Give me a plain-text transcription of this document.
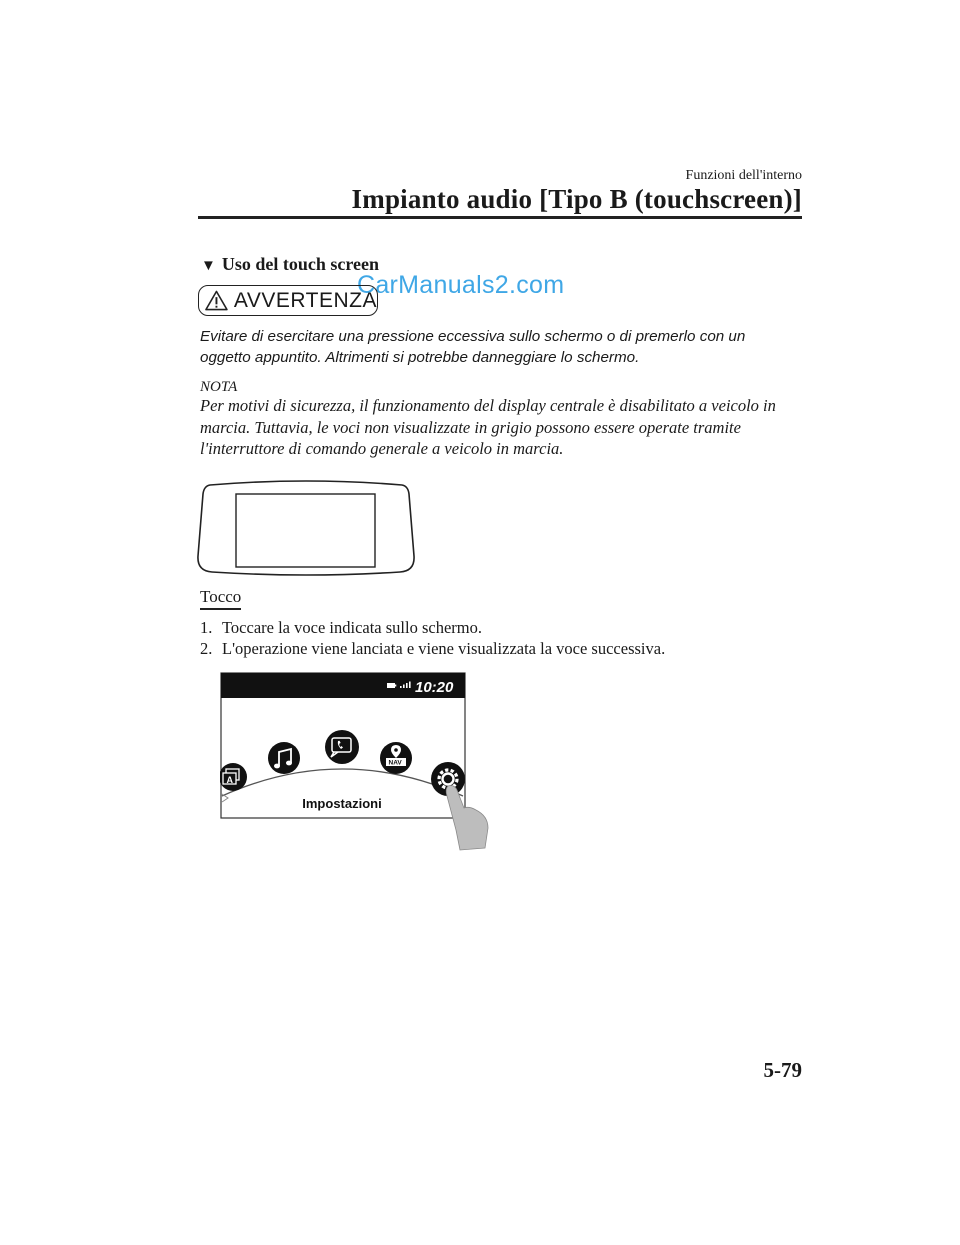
Funzioni dell'interno
Impianto audio [Tipo B (touchscreen)]
▼ Uso del touch screen
CarManuals2.com
AVVERTENZA
Evitare di esercitare una pressione eccessiva sullo schermo o di premerlo con un oggetto appuntito. Altrimenti si potrebbe danneggiare lo schermo.
NOTA
Per motivi di sicurezza, il funzionamento del display centrale è disabilitato a veicolo in marcia. Tuttavia, le voci non visualizzate in grigio possono essere operate tramite l'interruttore di comando generale a veicolo in marcia.
Tocco
1. Toccare la voce indicata sullo schermo.
2. L'operazione viene lanciata e viene visualizzata la voce successiva.
10:20
A
NAV
Impostazioni
5-79
